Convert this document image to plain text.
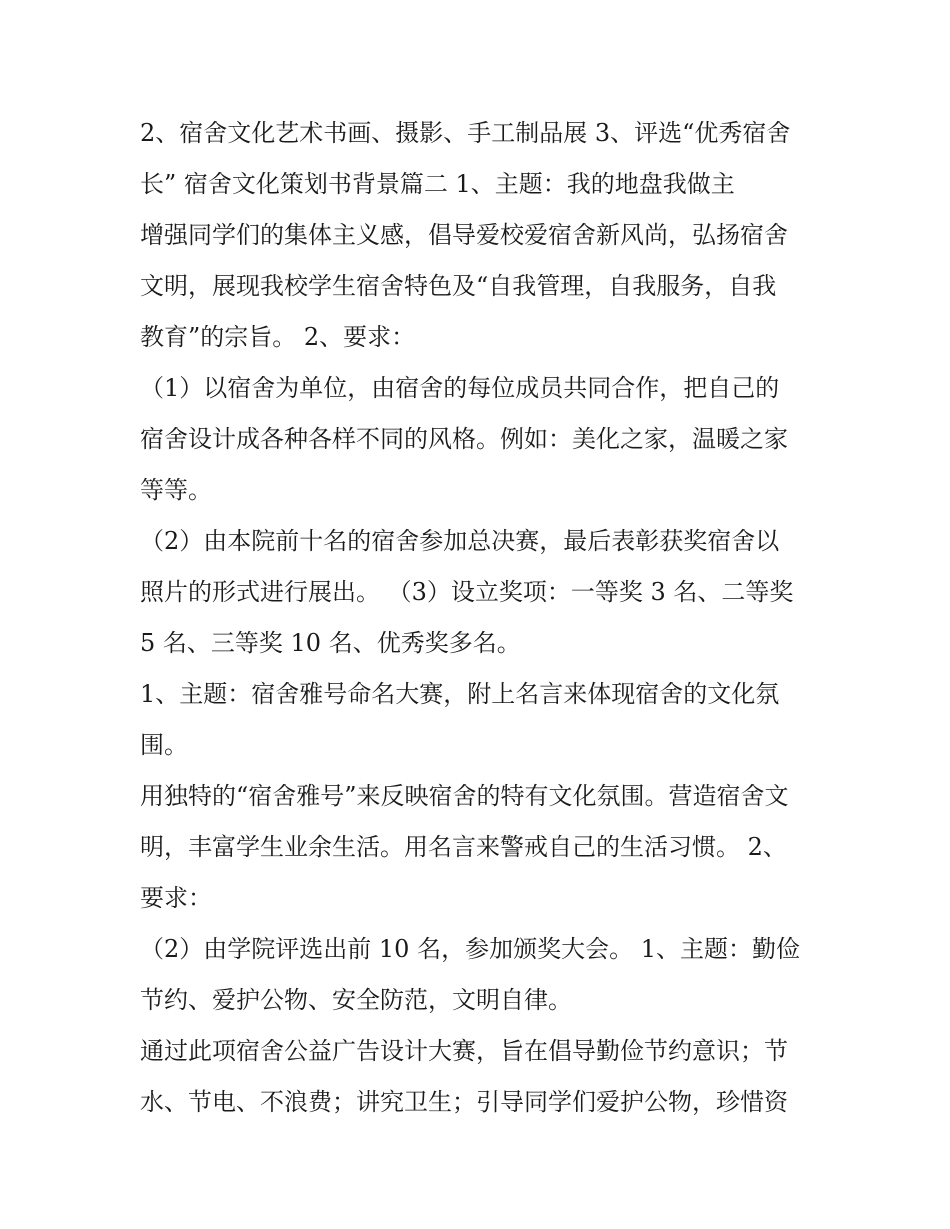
2、宿舍文化艺术书画、摄影、手工制品展 3、评选“优秀宿舍
长” 宿舍文化策划书背景篇二 1、主题：我的地盘我做主
增强同学们的集体主义感，倡导爱校爱宿舍新风尚，弘扬宿舍
文明，展现我校学生宿舍特色及“自我管理，自我服务，自我
教育”的宗旨。 2、要求：
（1）以宿舍为单位，由宿舍的每位成员共同合作，把自己的
宿舍设计成各种各样不同的风格。例如：美化之家，温暖之家
等等。
（2）由本院前十名的宿舍参加总决赛，最后表彰获奖宿舍以
照片的形式进行展出。 （3）设立奖项：一等奖 3 名、二等奖
5 名、三等奖 10 名、优秀奖多名。
1、主题：宿舍雅号命名大赛，附上名言来体现宿舍的文化氛
围。
用独特的“宿舍雅号”来反映宿舍的特有文化氛围。营造宿舍文
明，丰富学生业余生活。用名言来警戒自己的生活习惯。 2、
要求：
（2）由学院评选出前 10 名，参加颁奖大会。 1、主题：勤俭
节约、爱护公物、安全防范，文明自律。
通过此项宿舍公益广告设计大赛，旨在倡导勤俭节约意识；节
水、节电、不浪费；讲究卫生；引导同学们爱护公物，珍惜资
